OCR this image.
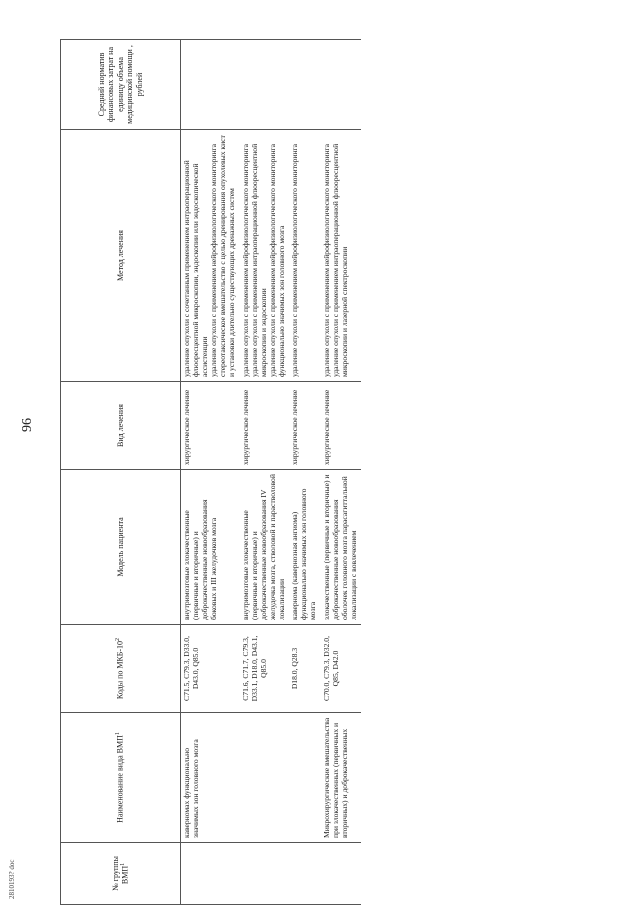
2810193? doc
96
№ группы ВМП$^1$	Наименование вида ВМП$^1$	Коды по МКБ-10$^2$	Модель пациента	Вид лечения	Метод лечения	Средний норматив финансовых затрат на единицу объема медицинской помощи , рублей
	каверномах функционально значимых зон головного мозга	C71.5, C79.3, D33.0, D43.0, Q85.0	внутримозговые злокачественные (первичные и вторичные) и доброкачественные новообразования боковых и III желудочков мозга	хирургическое лечение	удаление опухоли с сочетанным применением интраоперационной флюоресцентной микроскопии, эндоскопии или эндоскопической ассистенции удаление опухоли с применением нейрофизиологического мониторинга стереотаксическое вмешательство с целью дренирования опухолевых кист и установки длительно существующих дренажных систем	

		C71.6, C71.7, C79.3, D33.1, D18.0, D43.1, Q85.0	внутримозговые злокачественные (первичные и вторичные) и доброкачественные новообразования IV желудочка мозга, стволовой и парастволовой локализации	хирургическое лечение	удаление опухоли с применением нейрофизиологического мониторинга удаление опухоли с применением интраоперационной флюоресцентной микроскопии и эндоскопии удаление опухоли с применением нейрофизиологического мониторинга функционально значимых зон головного мозга	

		D18.0, Q28.3	кавернома (кавернозная ангиома) функционально значимых зон головного мозга	хирургическое лечение	удаление опухоли с применением нейрофизиологического мониторинга	

	Микрохирургические вмешательства при злокачественных (первичных и вторичных) и доброкачественных	C70.0, C79.3, D32.0, Q85, D42.0	злокачественные (первичные и вторичные) и доброкачественные новообразования оболочек головного мозга парасагиттальной локализации с вовлечением	хирургическое лечение	удаление опухоли с применением нейрофизиологического мониторинга удаление опухоли с применением интраоперационной флюоресцентной микроскопии и лазерной спектроскопии	
